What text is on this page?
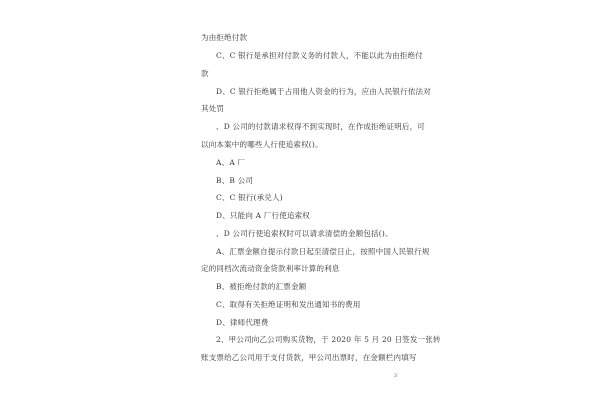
为由拒绝付款
C、C 银行是承担对付款义务的付款人，不能以此为由拒绝付
款
D、C 银行拒绝属于占用他人资金的行为，应由人民银行依法对
其处罚
、D 公司的付款请求权得不到实现时，在作成拒绝证明后，可
以向本案中的哪些人行使追索权()。
A、A 厂
B、B 公司
C、C 银行(承兑人)
D、只能向 A 厂行使追索权
、D 公司行使追索权时可以请求清偿的金额包括()。
A、汇票金额自提示付款日起至清偿日止，按照中国人民银行规
定的同档次流动资金贷款利率计算的利息
B、被拒绝付款的汇票金额
C、取得有关拒绝证明和发出通知书的费用
D、律师代理费
2、甲公司向乙公司购买货物，于 2020 年 5 月 20 日签发一张转
账支票给乙公司用于支付货款，甲公司出票时，在金额栏内填写
3
